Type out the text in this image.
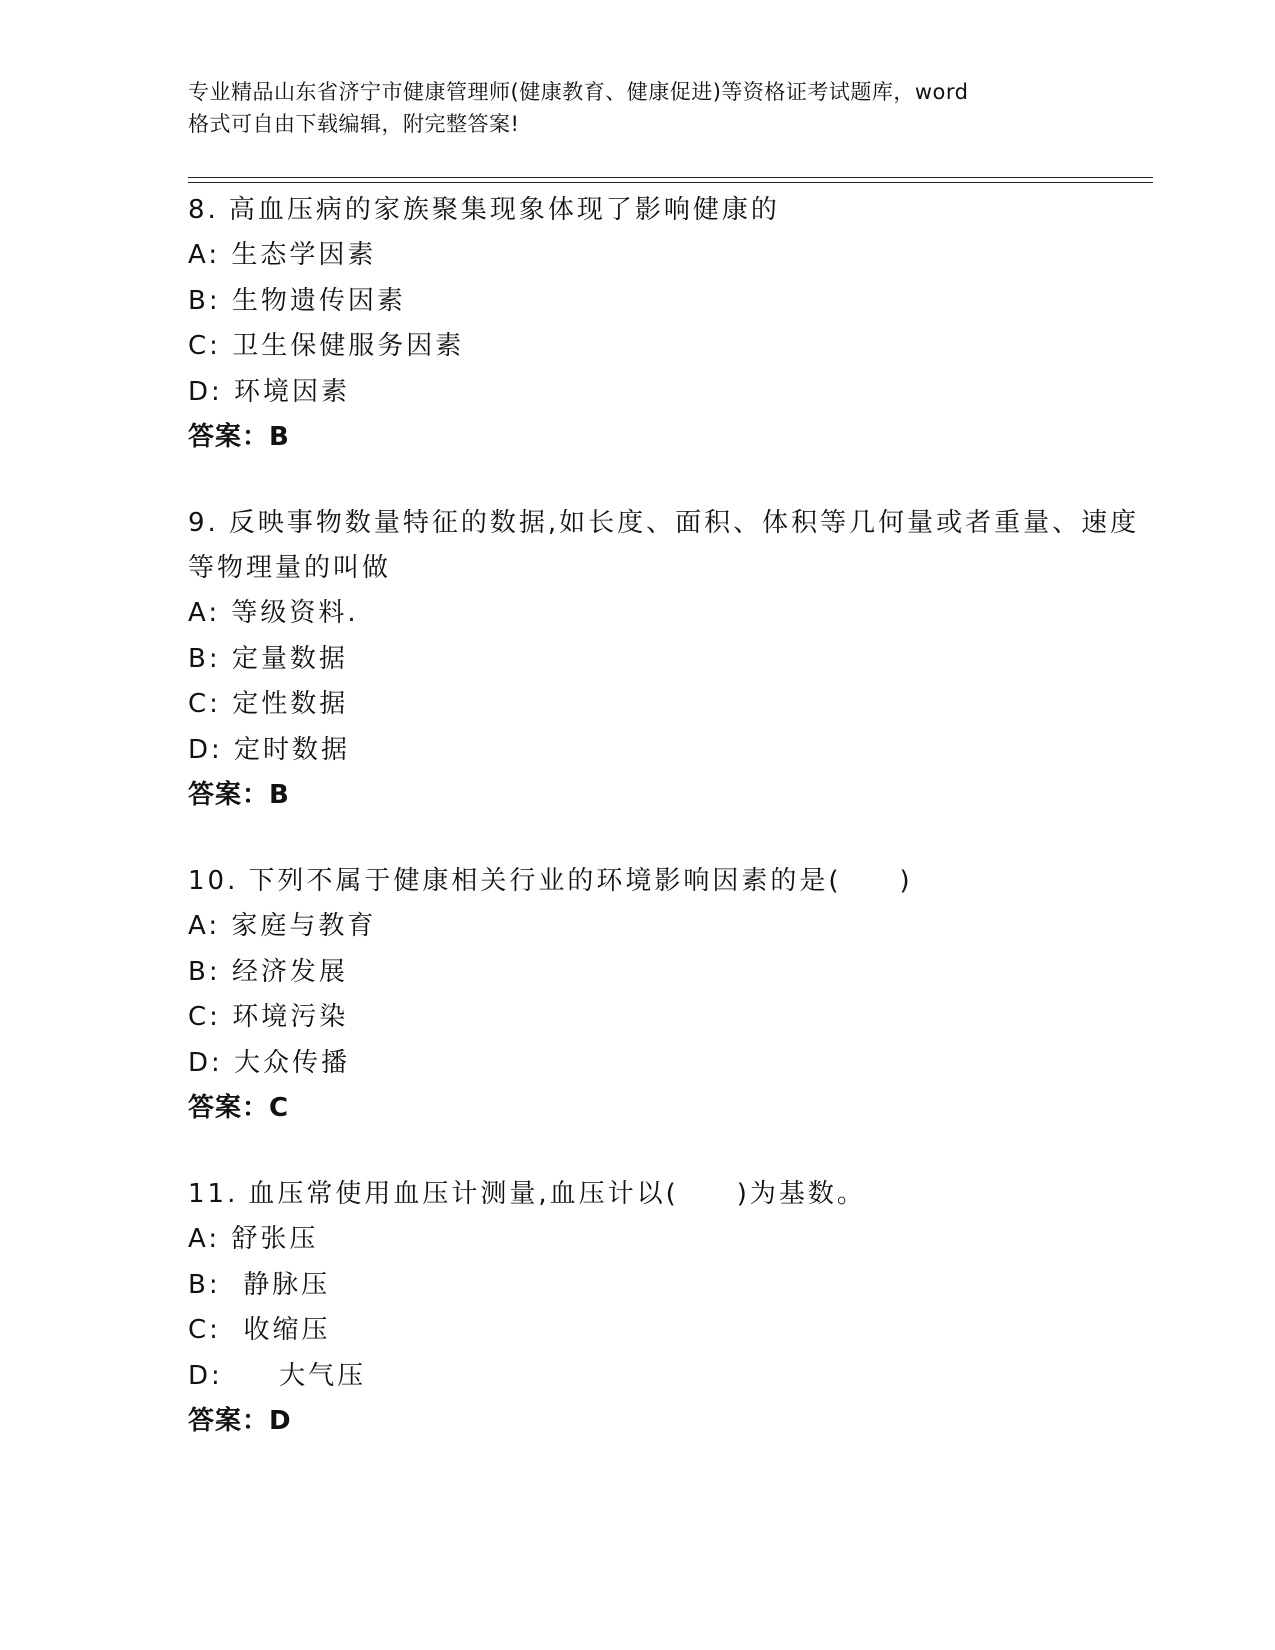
专业精品山东省济宁市健康管理师(健康教育、健康促进)等资格证考试题库，word
格式可自由下载编辑，附完整答案!
8. 高血压病的家族聚集现象体现了影响健康的
A: 生态学因素
B: 生物遗传因素
C: 卫生保健服务因素
D: 环境因素
答案：B
9. 反映事物数量特征的数据,如长度、面积、体积等几何量或者重量、速度等物理量的叫做
A: 等级资料.
B: 定量数据
C: 定性数据
D: 定时数据
答案：B
10. 下列不属于健康相关行业的环境影响因素的是(　　)
A: 家庭与教育
B: 经济发展
C: 环境污染
D: 大众传播
答案：C
11. 血压常使用血压计测量,血压计以(　　)为基数。
A: 舒张压
B:  静脉压
C:  收缩压
D:     大气压
答案：D
